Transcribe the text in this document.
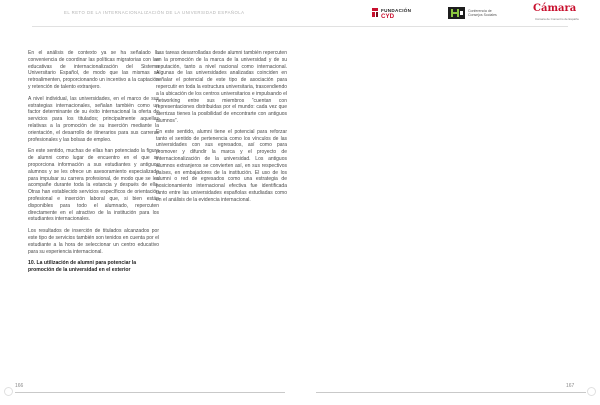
EL RETO DE LA INTERNACIONALIZACIÓN DE LA UNIVERSIDAD ESPAÑOLA	FUNDACIÓN
CYD
Conferencia de Consejos Sociales
Cámara
Cámara de Comercio de España

En el análisis de contexto ya se ha señalado la conveniencia de coordinar las políticas migratorias con las educativas de internacionalización del Sistema Universitario Español, de modo que las mismas se retroalimenten, proporcionando un incentivo a la captación y retención de talento extranjero.

A nivel individual, las universidades, en el marco de sus estrategias internacionales, señalan también como un factor determinante de su éxito internacional la oferta de servicios para los titulados; principalmente aquellas relativas a la promoción de su inserción mediante la orientación, el desarrollo de itinerarios para sus carreras profesionales y las bolsas de empleo.

En este sentido, muchas de ellas han potenciado la figura de alumni como lugar de encuentro en el que se proporciona información a sus estudiantes y antiguos alumnos y se les ofrece un asesoramiento especializado para impulsar su carrera profesional, de modo que se les acompañe durante toda la estancia y después de ella. Otras han establecido servicios específicos de orientación profesional e inserción laboral que, si bien están disponibles para todo el alumnado, repercuten directamente en el atractivo de la institución para los estudiantes internacionales.

Los resultados de inserción de titulados alcanzados por este tipo de servicios también son tenidos en cuenta por el estudiante a la hora de seleccionar un centro educativo para su experiencia internacional.

10. La utilización de alumni para potenciar la promoción de la universidad en el exterior

Las tareas desarrolladas desde alumni también repercuten en la promoción de la marca de la universidad y de su reputación, tanto a nivel nacional como internacional. Algunas de las universidades analizadas coinciden en señalar el potencial de este tipo de asociación para repercutir en toda la estructura universitaria, trascendiendo a la ubicación de los centros universitarios e impulsando el networking entre sus miembros “cuentan con representaciones distribuidas por el mundo: cada vez que aterrizas tienes la posibilidad de encontrarte con antiguos alumnos”.

En este sentido, alumni tiene el potencial para reforzar tanto el sentido de pertenencia como los vínculos de las universidades con sus egresados, así como para promover y difundir la marca y el proyecto de internacionalización de la universidad. Los antiguos alumnos extranjeros se convierten así, en sus respectivos países, en embajadores de la institución. El uso de los alumni o red de egresados como una estrategia de posicionamiento internacional efectiva fue identificada tanto entre las universidades españolas estudiadas como en el análisis de la evidencia internacional.

166	167
